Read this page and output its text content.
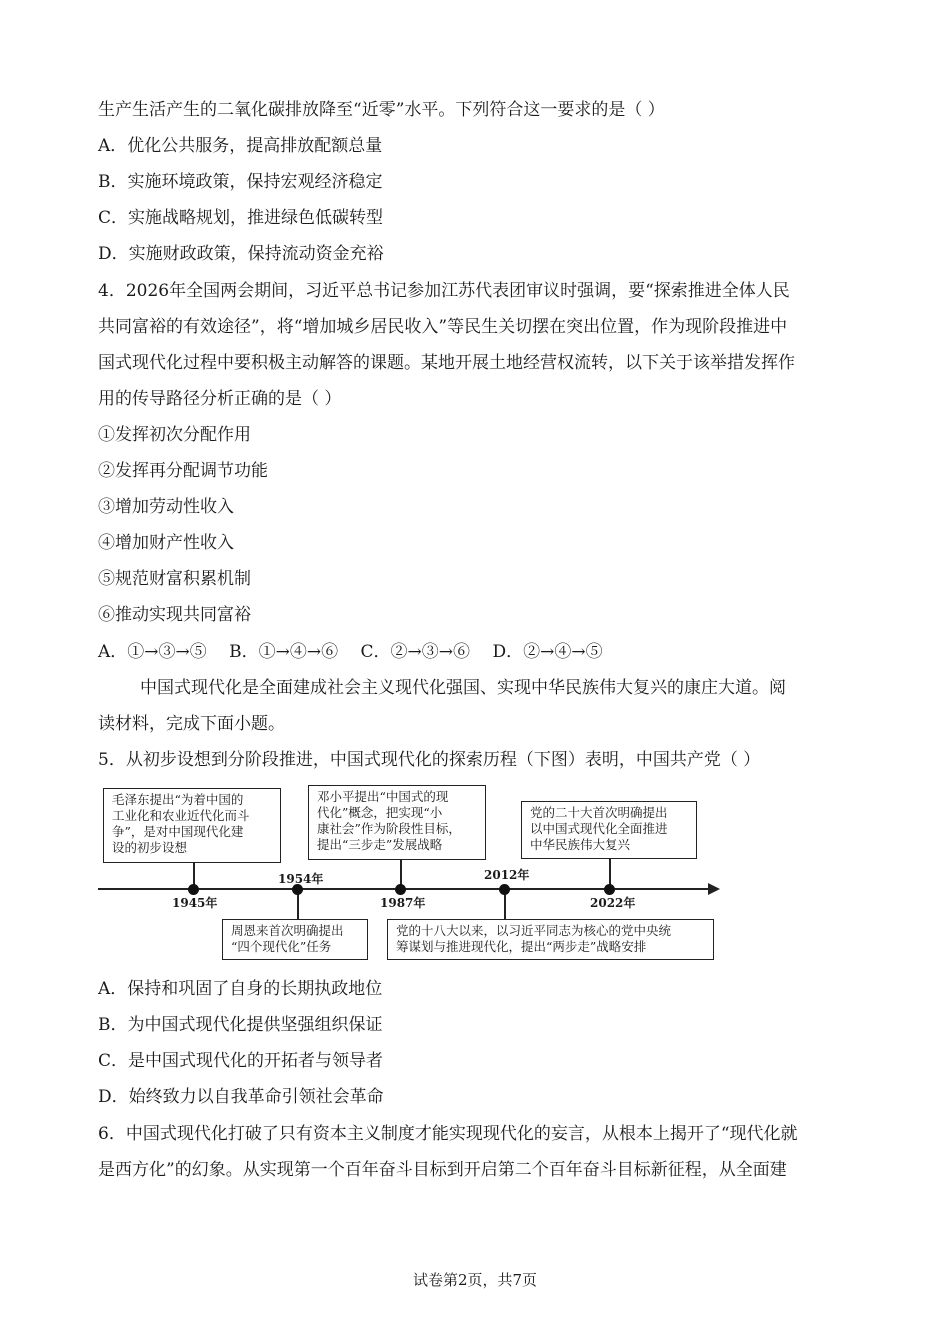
生产生活产生的二氧化碳排放降至“近零”水平。下列符合这一要求的是（ ）
A．优化公共服务，提高排放配额总量
B．实施环境政策，保持宏观经济稳定
C．实施战略规划，推进绿色低碳转型
D．实施财政政策，保持流动资金充裕
4．2026年全国两会期间，习近平总书记参加江苏代表团审议时强调，要“探索推进全体人民
共同富裕的有效途径”，将“增加城乡居民收入”等民生关切摆在突出位置，作为现阶段推进中
国式现代化过程中要积极主动解答的课题。某地开展土地经营权流转，以下关于该举措发挥作
用的传导路径分析正确的是（ ）
①发挥初次分配作用
②发挥再分配调节功能
③增加劳动性收入
④增加财产性收入
⑤规范财富积累机制
⑥推动实现共同富裕
A．①→③→⑤　 B．①→④→⑥　 C．②→③→⑥　 D．②→④→⑤
中国式现代化是全面建成社会主义现代化强国、实现中华民族伟大复兴的康庄大道。阅
读材料，完成下面小题。
5．从初步设想到分阶段推进，中国式现代化的探索历程（下图）表明，中国共产党（ ）
毛泽东提出“为着中国的
工业化和农业近代化而斗
争”，是对中国现代化建
设的初步设想
邓小平提出“中国式的现
代化”概念，把实现“小
康社会”作为阶段性目标，
提出“三步走”发展战略
党的二十大首次明确提出
以中国式现代化全面推进
中华民族伟大复兴
1945年
1954年
1987年
2012年
2022年
周恩来首次明确提出
“四个现代化”任务
党的十八大以来，以习近平同志为核心的党中央统
筹谋划与推进现代化，提出“两步走”战略安排
A．保持和巩固了自身的长期执政地位
B．为中国式现代化提供坚强组织保证
C．是中国式现代化的开拓者与领导者
D．始终致力以自我革命引领社会革命
6．中国式现代化打破了只有资本主义制度才能实现现代化的妄言，从根本上揭开了“现代化就
是西方化”的幻象。从实现第一个百年奋斗目标到开启第二个百年奋斗目标新征程，从全面建
试卷第2页，共7页
